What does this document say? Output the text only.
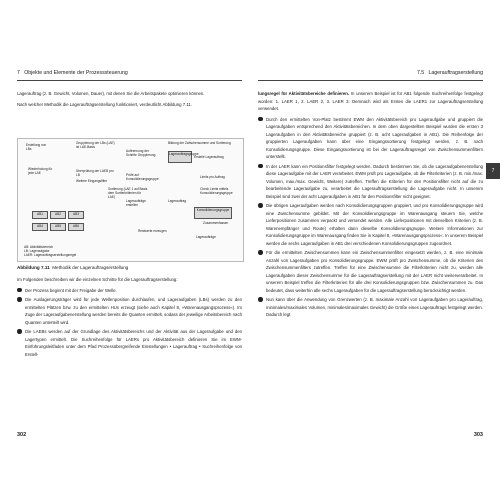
7 Objekte und Elemente der Prozesssteuerung

Lagerauftrag (z. B. Gewicht, Volumen, Dauer), mit denen Sie die Arbeitspakete optimieren können.

Nach welcher Methodik die Lagerauftragserstellung funktioniert, verdeutlicht Abbildung 7.11.

Erstellung von LBs
Gruppierung der LBs (LAE) ist LAE-Basis
Auftrennung der Schritte Gruppierung
Bildung der Zwischensumme und Sortierung
Lagerauftragsgruppe
Erstelle Lagerauftrag
Sortierung (LAE 1 auf Basis dem Sortierkritierien für LAE)
Limits pro Auftrag
Check Limits mittels Konsolidierungsgruppe
Wiederholung für jede LAE
Lagerauftrag
Lageraufträge erstellen
Überprüfung der LAEB pro LB
Weitere Eingangsfilter
Prüfe auf Konsolidierungsgruppe
Konsolidierungsgruppe
Zusammenfassen
Restwerte erzeugen
Lageraufträge
AB1	AB2	AB3
AB4	AB5	AB6
AB: Aktivitätsbereich
LB: Lageraufgabe
LAER: Lagerauftragserstellungsregel
Abbildung 7.11 Methodik der Lagerauftragserstellung

Im Folgenden beschreiben wir die einzelnen Schritte für die Lagerauftragserstellung:

Der Prozess beginnt mit der Freigabe der Welle.
Die Auslagerungsträger wird für jede Wellenposition durchlaufen, und Lageraufgaben (LBs) werden zu den ermittelten Plätzen bzw. zu den ermittelten HUs erzeugt (siehe auch Kapitel 8, »Warenausgangsprozess«). Im Zuge der Lageraufgabenerstellung werden bereits die Quanten ermittelt, sodass der jeweilige Arbeitsbereich nach Quanten unterteilt wird.
Die LAEBs werden auf der Grundlage des Aktivitätsbereichs und der Aktivität aus der Lageraufgabe und den Lagertypen ermittelt. Die Suchreihenfolge für LAERs pro Aktivitätsbereich definieren Sie im EWM-Einführungsleitfaden unter dem Pfad Prozessübergreifende Einstellungen • Lagerauftrag • Suchreihenfolge von Erstell-
302
7.5 Lagerauftragserstellung

lungsregel für Aktivitätsbereiche definieren. In unserem Beispiel ist für AB1 folgende Suchreihenfolge festgelegt worden: 1. LAER 1, 2. LAER 2, 3. LAER 3. Demnach wird als Erstes die LAER1 zur Lagerauftragserstellung verwendet.

Durch den ermittelten Von-Platz bestimmt EWM den Aktivitätsbereich pro Lageraufgabe und gruppiert die Lageraufgaben entsprechend den Aktivitätsbereichen. In dem oben dargestellten Beispiel wurden die ersten 3 Lageraufgaben in den Aktivitätsbereiche gruppiert (z. B. acht Lageraufgaben in AB1). Die Reihenfolge der gruppierten Lageraufgaben kann über eine Eingangssortierung festgelegt werden, z. B. nach Konsolidierungsgruppe. Diese Eingangssortierung ist bei der Lagerauftragsregel von Zwischensummenfiltern unterstellt.
In der LAER kann ein Positionsfilter festgelegt werden. Dadurch bestimmen Sie, ob die Lageraufgabenerstellung diese Lageraufgabe mit der LAER verarbeitet. EWM prüft pro Lageraufgabe, ob die Filterkriterien (z. B. min./max. Volumen, max./max. Gewicht, Weitere) zutreffen. Treffen die Kriterien für den Positionsfilter nicht auf die zu bearbeitende Lageraufgabe zu, verarbeitet die Lagerauftragserstellung die Lageraufgabe nicht. In unserem Beispiel sind zwei der acht Lageraufgaben in AB1 für den Positionsfilter nicht geeignet.
Die übrigen Lageraufgaben werden nach Konsolidierungsgruppen gruppiert, und pro Konsolidierungsgruppe wird eine Zwischensumme gebildet. Mit der Konsolidierungsgruppe im Warenausgang steuern Sie, welche Lieferpositionen zusammen verpackt und versendet werden. Alle Lieferpositionen mit denselben Kriterien (z. B. Warenempfänger und Route) erhalten dann dieselbe Konsolidierungsgruppe. Weitere Informationen zur Konsolidierungsgruppe im Warenausgang finden Sie in Kapitel 8, »Warenausgangsprozess«. In unserem Beispiel werden die sechs Lageraufgaben in AB1 drei verschiedenen Konsolidierungsgruppen zugeordnet.
Für die ermittelten Zwischensummen kann ein Zwischensummenfilter eingesetzt werden, z. B. eine minimale Anzahl von Lageraufgaben pro Konsolidierungsgruppe. EWM prüft pro Zwischensumme, ob die Kriterien des Zwischensummenfilters zutreffen. Treffen für eine Zwischensumme die Filterkriterien nicht zu, werden alle Lageraufgaben dieser Zwischensumme für die Lagerauftragserstellung mit der LAER nicht weiterverarbeitet. In unserem Beispiel treffen die Filterkriterien für alle drei Konsolidierungsgruppen bzw. Zwischensummen zu. Das bedeutet, dass weiterhin alle sechs Lageraufgaben für die Lagerauftragserstellung berücksichtigt werden.
Nun kann über die Anwendung von Grenzwerten (z. B. maximale Anzahl von Lageraufgaben pro Lagerauftrag, minimales/maximales Volumen, minimales/maximales Gewicht) die Größe eines Lagerauftrags festgelegt werden. Dadurch legt
303
7
